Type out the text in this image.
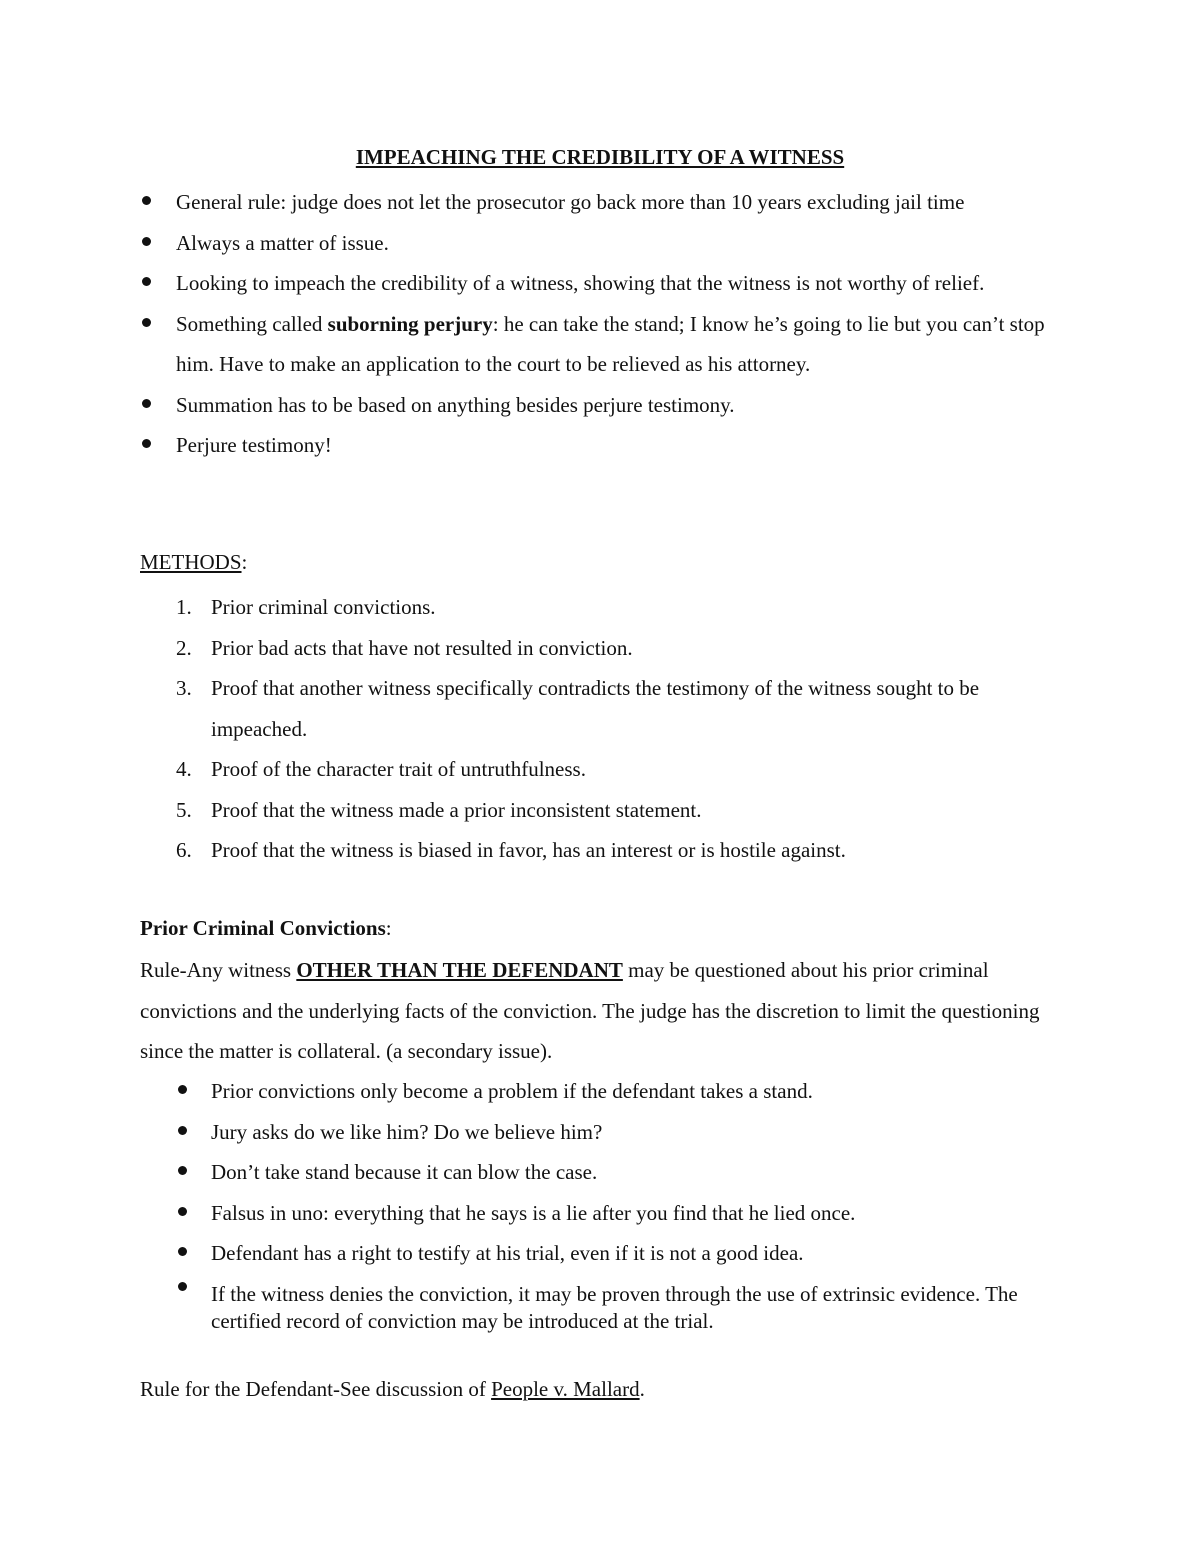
IMPEACHING THE CREDIBILITY OF A WITNESS
General rule: judge does not let the prosecutor go back more than 10 years excluding jail time
Always a matter of issue.
Looking to impeach the credibility of a witness, showing that the witness is not worthy of relief.
Something called suborning perjury: he can take the stand; I know he’s going to lie but you can’t stop him. Have to make an application to the court to be relieved as his attorney.
Summation has to be based on anything besides perjure testimony.
Perjure testimony!
METHODS:
1. Prior criminal convictions.
2. Prior bad acts that have not resulted in conviction.
3. Proof that another witness specifically contradicts the testimony of the witness sought to be impeached.
4. Proof of the character trait of untruthfulness.
5. Proof that the witness made a prior inconsistent statement.
6. Proof that the witness is biased in favor, has an interest or is hostile against.
Prior Criminal Convictions:

Rule-Any witness OTHER THAN THE DEFENDANT may be questioned about his prior criminal convictions and the underlying facts of the conviction. The judge has the discretion to limit the questioning since the matter is collateral. (a secondary issue).

Prior convictions only become a problem if the defendant takes a stand.
Jury asks do we like him? Do we believe him?
Don’t take stand because it can blow the case.
Falsus in uno: everything that he says is a lie after you find that he lied once.
Defendant has a right to testify at his trial, even if it is not a good idea.
If the witness denies the conviction, it may be proven through the use of extrinsic evidence. The certified record of conviction may be introduced at the trial.

Rule for the Defendant-See discussion of People v. Mallard.
